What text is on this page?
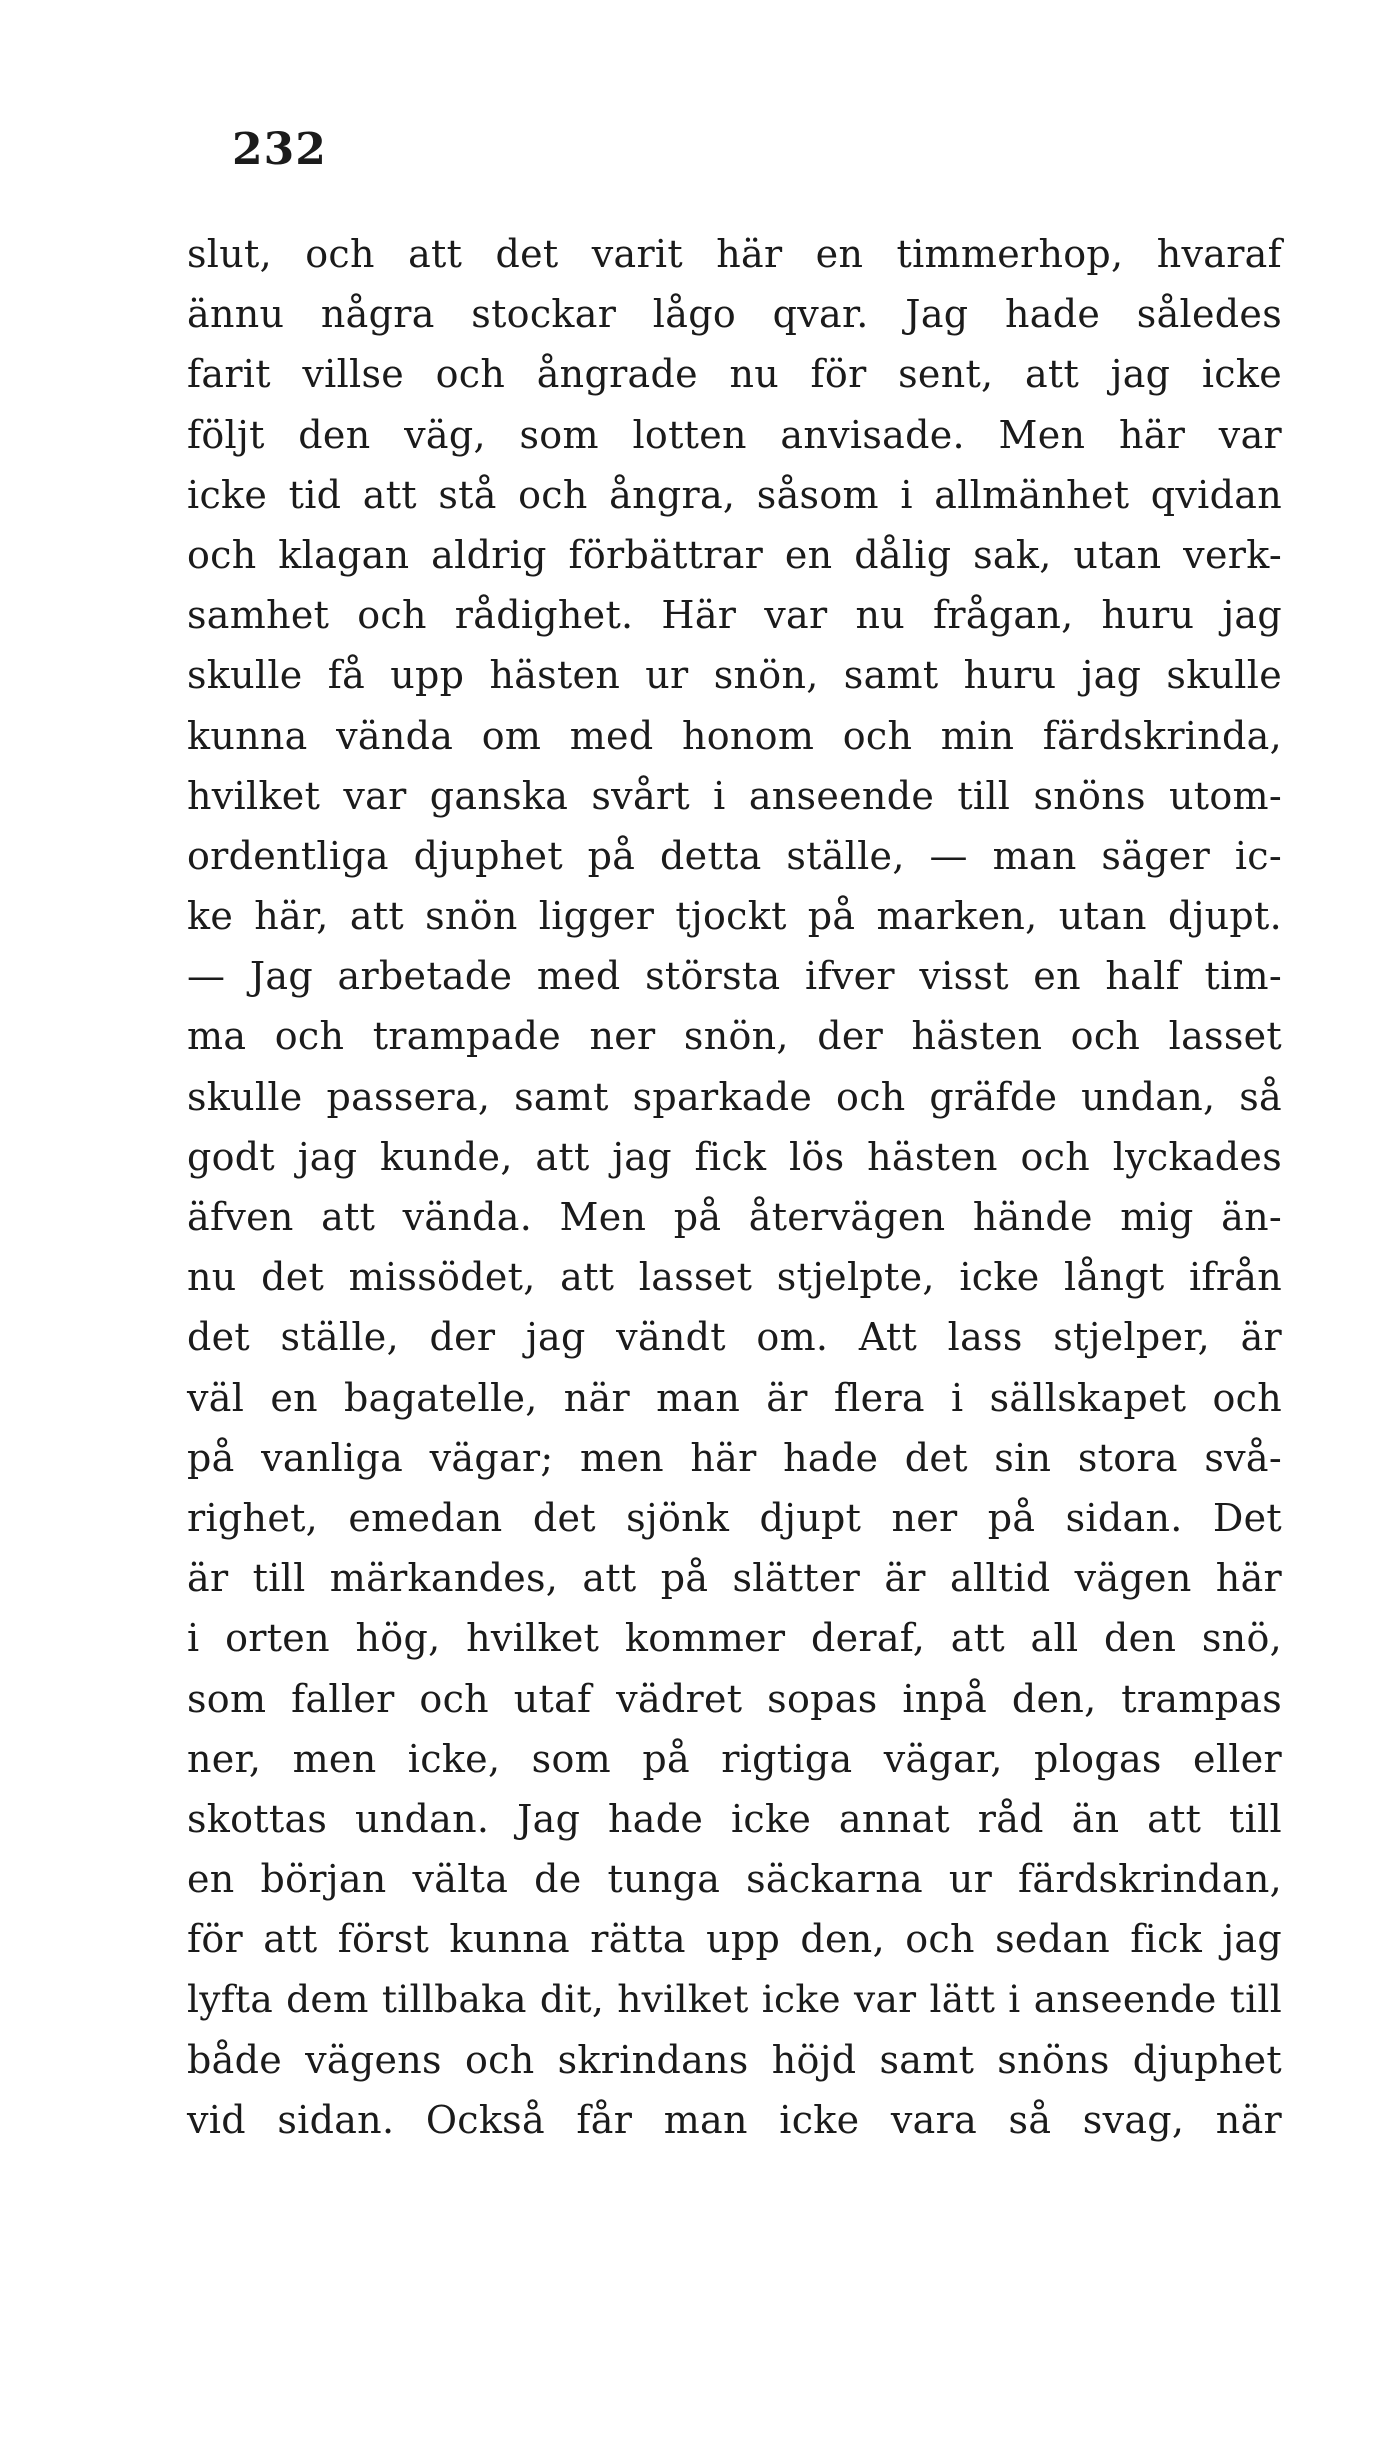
232
slut, och att det varit här en timmerhop, hvaraf
ännu några stockar lågo qvar. Jag hade således
farit villse och ångrade nu för sent, att jag icke
följt den väg, som lotten anvisade. Men här var
icke tid att stå och ångra, såsom i allmänhet qvidan
och klagan aldrig förbättrar en dålig sak, utan verk-
samhet och rådighet. Här var nu frågan, huru jag
skulle få upp hästen ur snön, samt huru jag skulle
kunna vända om med honom och min färdskrinda,
hvilket var ganska svårt i anseende till snöns utom-
ordentliga djuphet på detta ställe, — man säger ic-
ke här, att snön ligger tjockt på marken, utan djupt.
— Jag arbetade med största ifver visst en half tim-
ma och trampade ner snön, der hästen och lasset
skulle passera, samt sparkade och gräfde undan, så
godt jag kunde, att jag fick lös hästen och lyckades
äfven att vända. Men på återvägen hände mig än-
nu det missödet, att lasset stjelpte, icke långt ifrån
det ställe, der jag vändt om. Att lass stjelper, är
väl en bagatelle, när man är flera i sällskapet och
på vanliga vägar; men här hade det sin stora svå-
righet, emedan det sjönk djupt ner på sidan. Det
är till märkandes, att på slätter är alltid vägen här
i orten hög, hvilket kommer deraf, att all den snö,
som faller och utaf vädret sopas inpå den, trampas
ner, men icke, som på rigtiga vägar, plogas eller
skottas undan. Jag hade icke annat råd än att till
en början välta de tunga säckarna ur färdskrindan,
för att först kunna rätta upp den, och sedan fick jag
lyfta dem tillbaka dit, hvilket icke var lätt i anseende till
både vägens och skrindans höjd samt snöns djuphet
vid sidan. Också får man icke vara så svag, när
